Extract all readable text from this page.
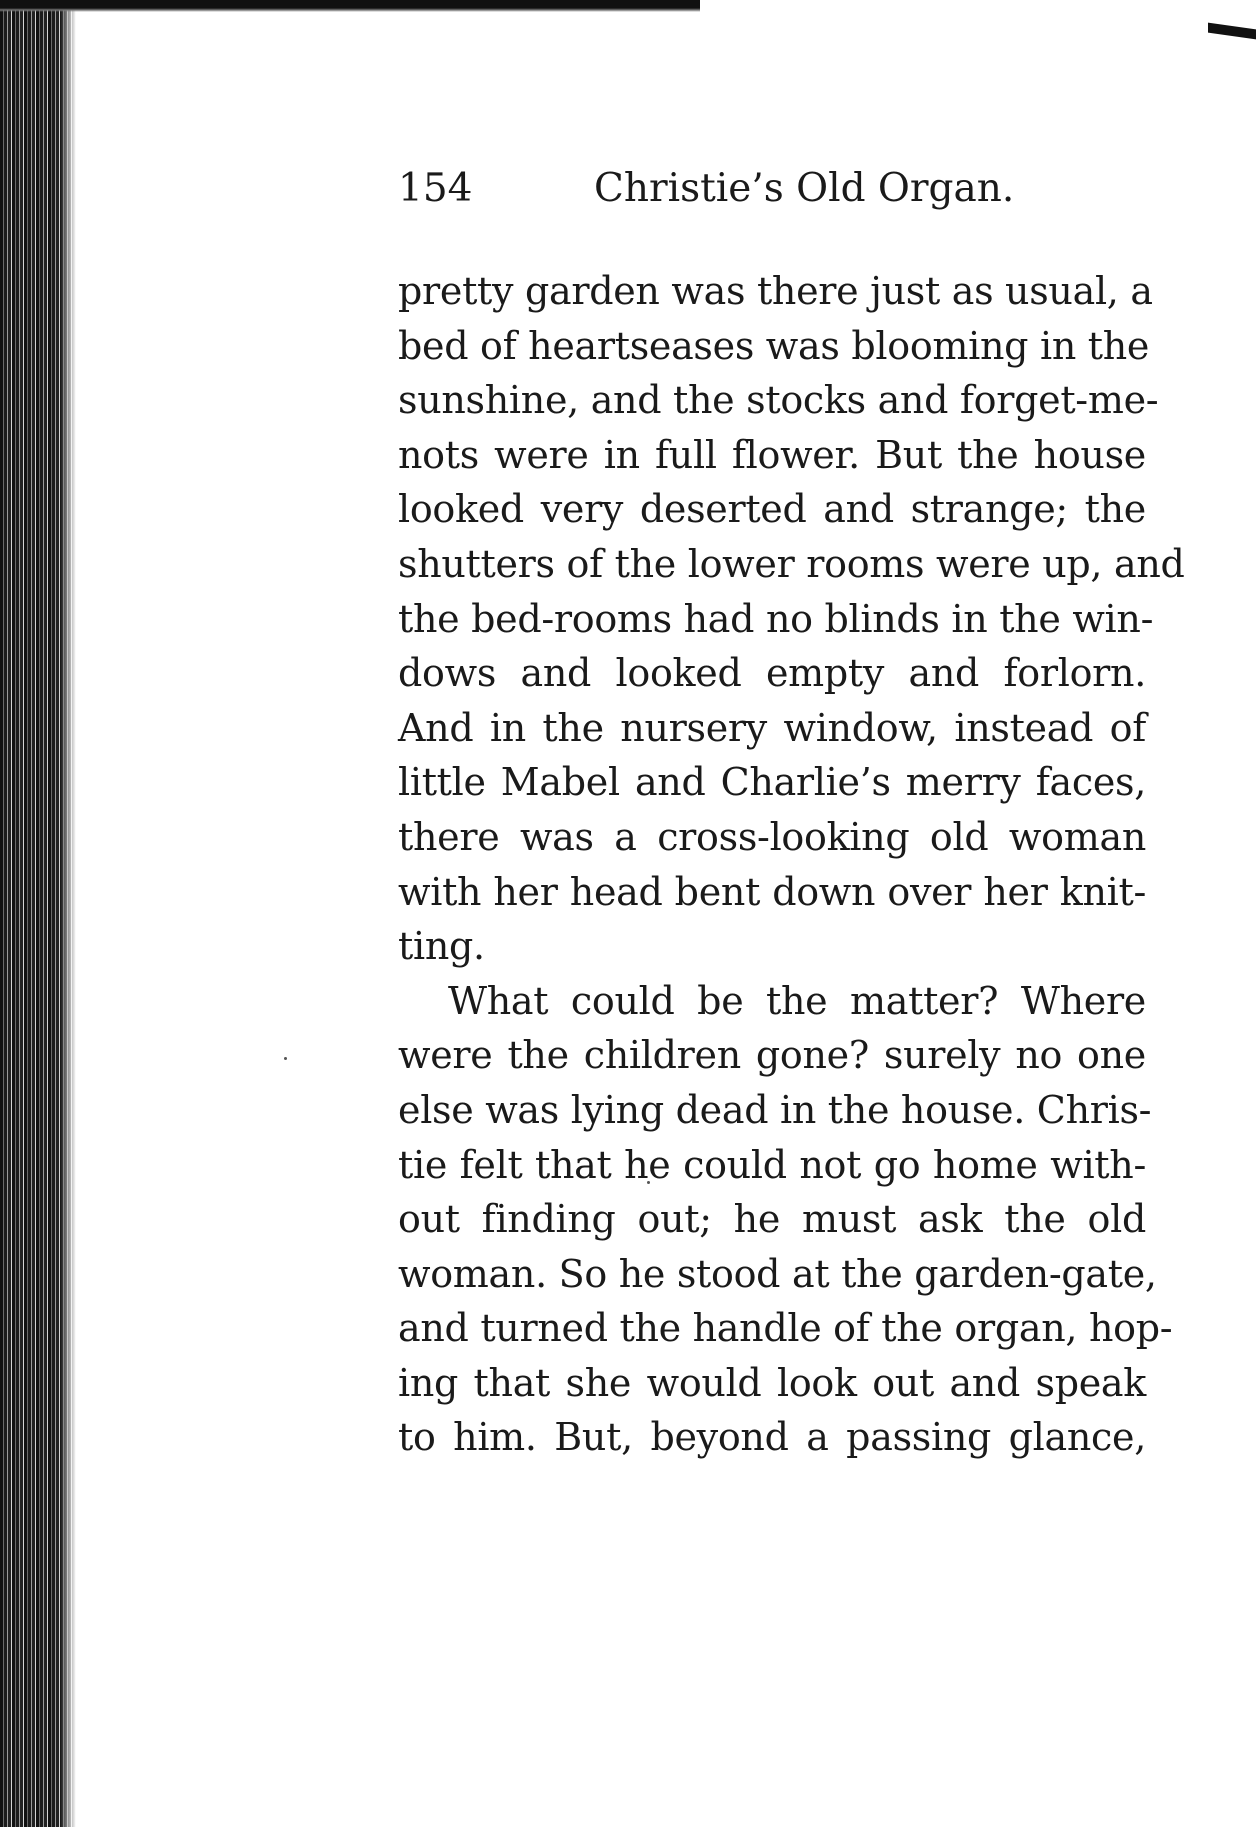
154	Christie’s Old Organ.
pretty garden was there just as usual, a
bed of heartseases was blooming in the
sunshine, and the stocks and forget-me-
nots were in full flower. But the house
looked very deserted and strange; the
shutters of the lower rooms were up, and
the bed-rooms had no blinds in the win-
dows and looked empty and forlorn.
And in the nursery window, instead of
little Mabel and Charlie’s merry faces,
there was a cross-looking old woman
with her head bent down over her knit-
ting.
What could be the matter? Where
were the children gone? surely no one
else was lying dead in the house. Chris-
tie felt that he could not go home with-
out finding out; he must ask the old
woman. So he stood at the garden-gate,
and turned the handle of the organ, hop-
ing that she would look out and speak
to him. But, beyond a passing glance,
